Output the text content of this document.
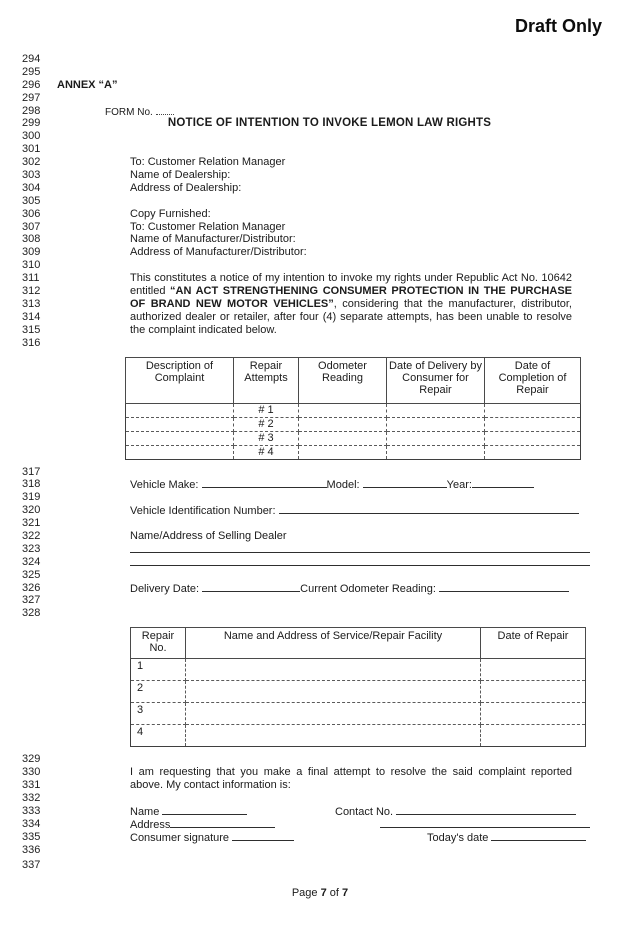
Draft Only
294
295
296	ANNEX “A”
297
298	FORM No.
299	NOTICE OF INTENTION TO INVOKE LEMON LAW RIGHTS
300
301
302	To: Customer Relation Manager
303	Name of Dealership:
304	Address of Dealership:
305
306	Copy Furnished:
307	To: Customer Relation Manager
308	Name of Manufacturer/Distributor:
309	Address of Manufacturer/Distributor:
310
311
312
313
314
315

This constitutes a notice of my intention to invoke my rights under Republic Act No. 10642 entitled “AN ACT STRENGTHENING CONSUMER PROTECTION IN THE PURCHASE OF BRAND NEW MOTOR VEHICLES”, considering that the manufacturer, distributor, authorized dealer or retailer, after four (4) separate attempts, has been unable to resolve the complaint indicated below.

316
Description of Complaint	Repair Attempts	Odometer Reading	Date of Delivery by Consumer for Repair	Date of Completion of Repair
	# 1			
	# 2			
	# 3			
	# 4			
317
318	Vehicle Make:	Model:	Year:
319
320	Vehicle Identification Number:
321
322	Name/Address of Selling Dealer
323
324
325
326	Delivery Date:	Current Odometer Reading:
327
328
Repair No.	Name and Address of Service/Repair Facility	Date of Repair
1		
2		
3		
4		
329
330
331

I am requesting that you make a final attempt to resolve the said complaint reported above. My contact information is:

332
333	Name	Contact No.
334	Address
335	Consumer signature	Today's date
336
337
Page 7 of 7
